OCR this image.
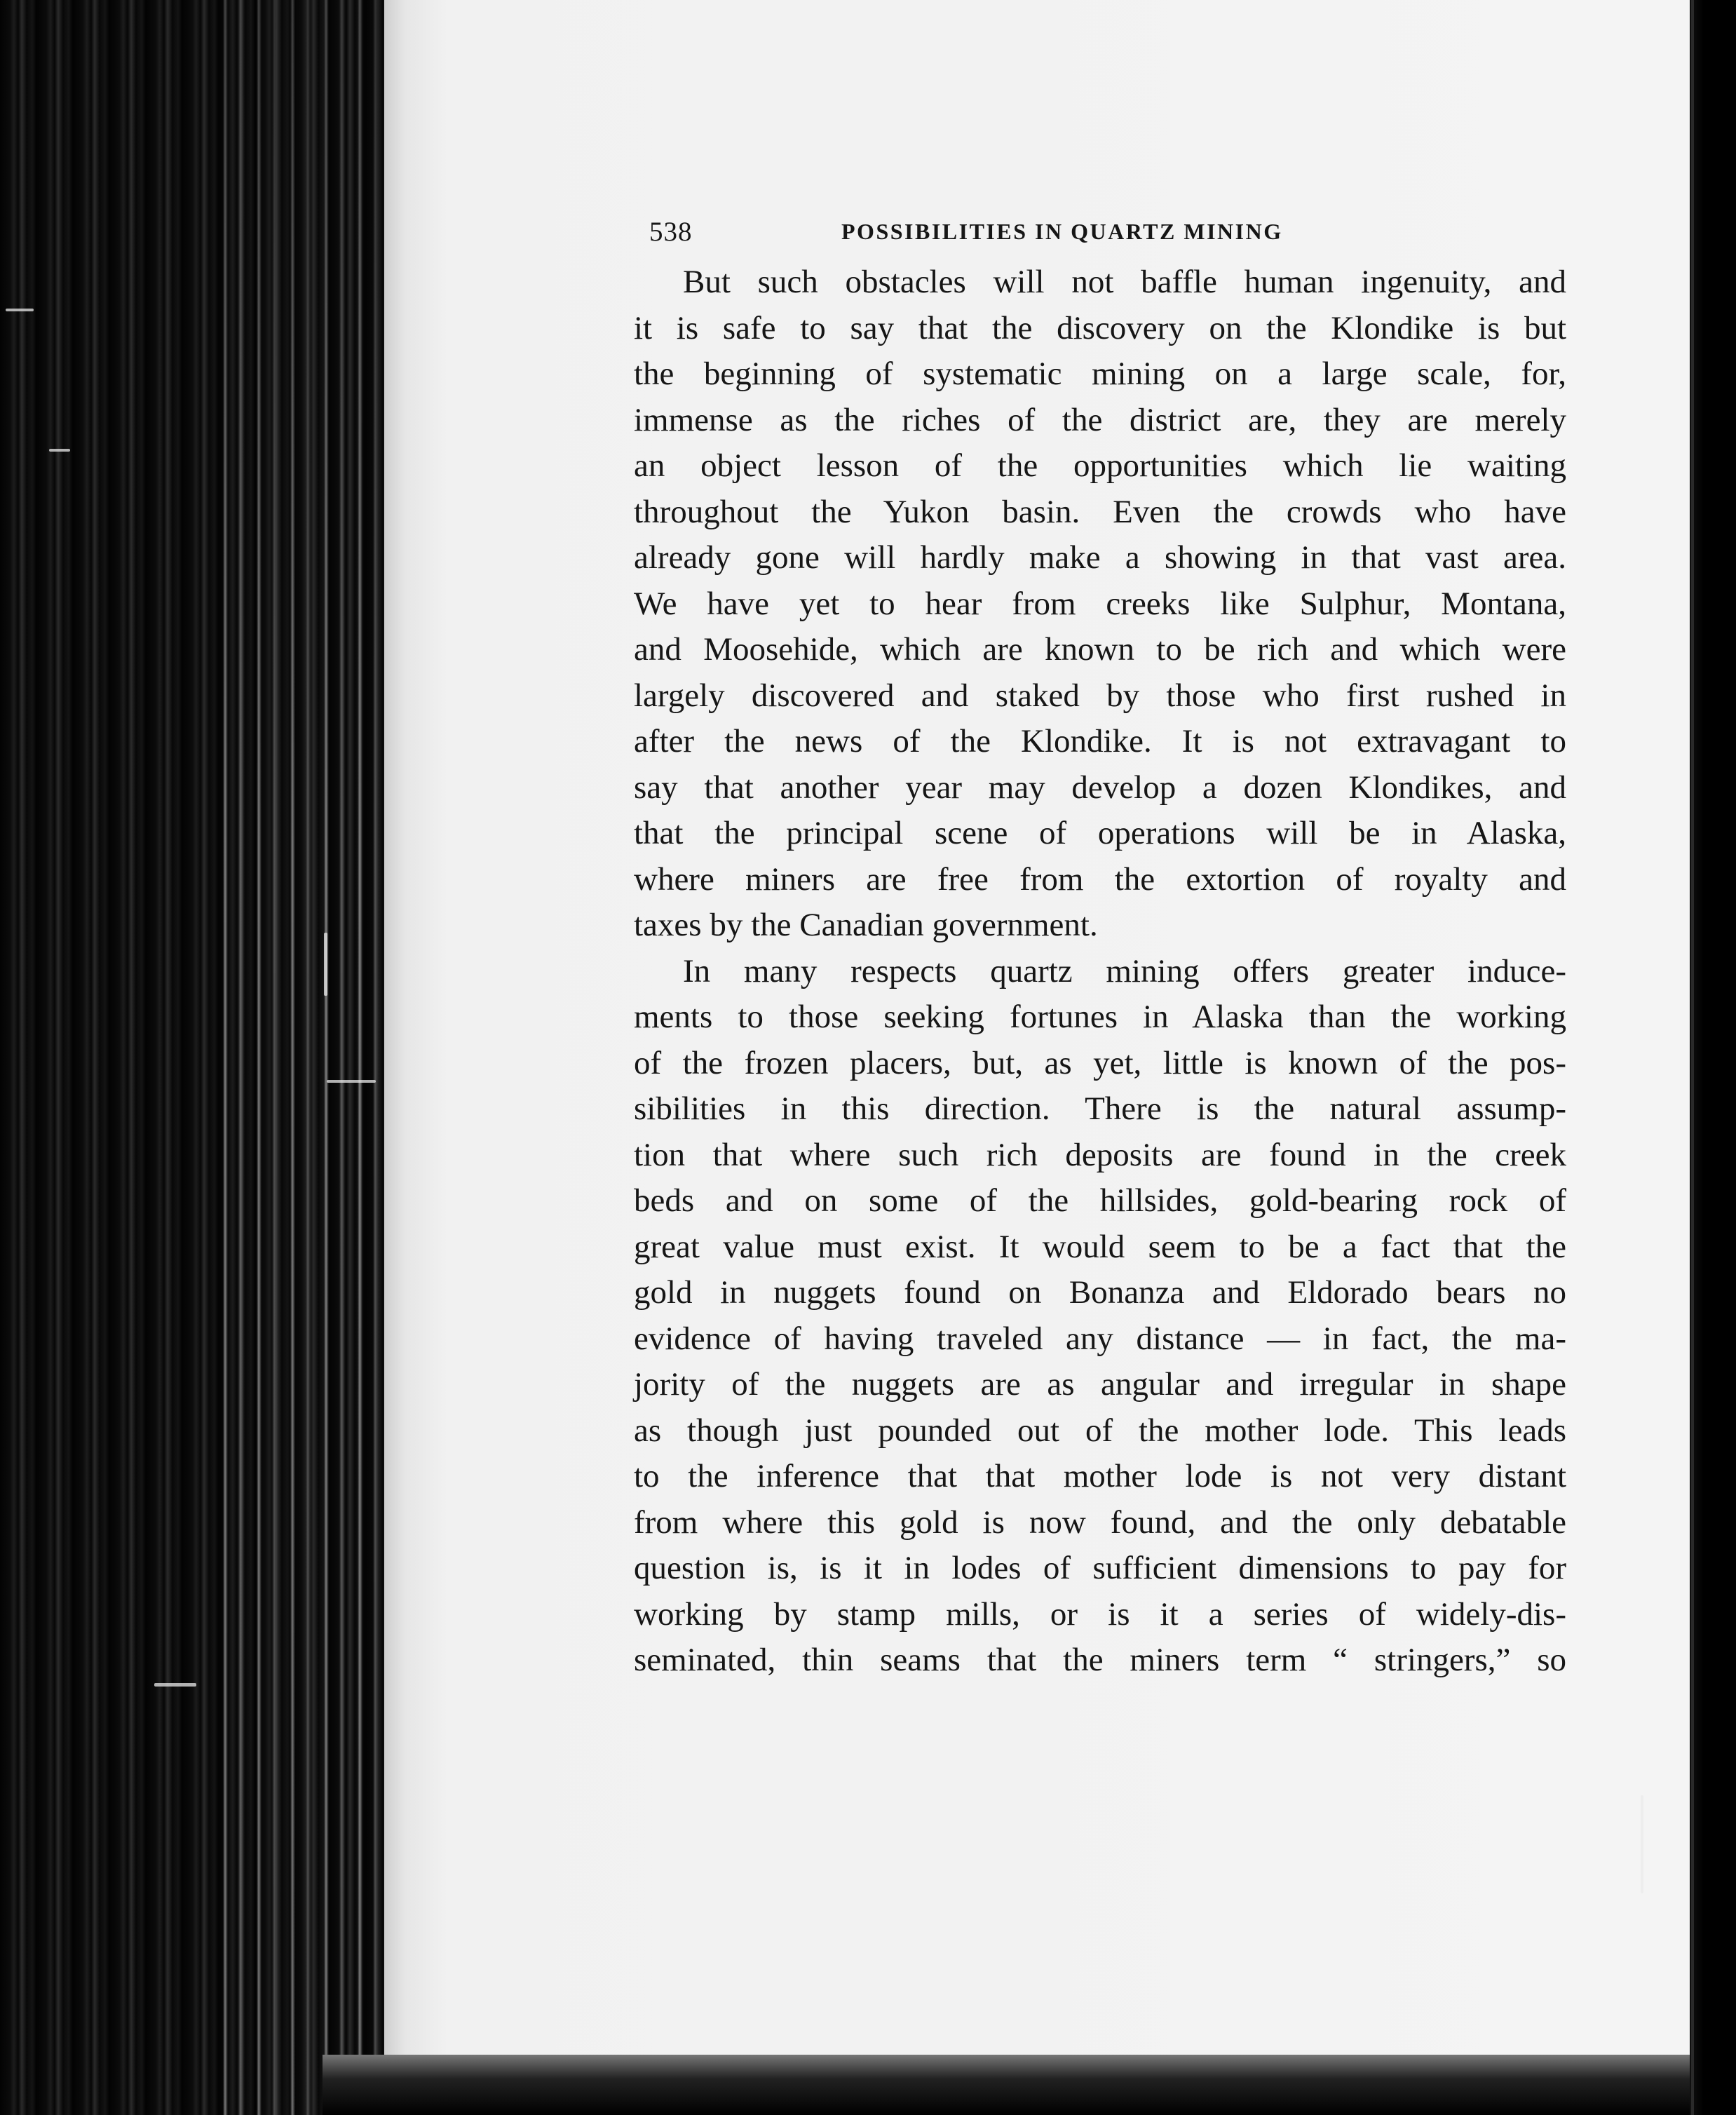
538	POSSIBILITIES IN QUARTZ MINING
But such obstacles will not baffle human ingenuity, and
it is safe to say that the discovery on the Klondike is but
the beginning of systematic mining on a large scale, for,
immense as the riches of the district are, they are merely
an object lesson of the opportunities which lie waiting
throughout the Yukon basin. Even the crowds who have
already gone will hardly make a showing in that vast area.
We have yet to hear from creeks like Sulphur, Montana,
and Moosehide, which are known to be rich and which were
largely discovered and staked by those who first rushed in
after the news of the Klondike. It is not extravagant to
say that another year may develop a dozen Klondikes, and
that the principal scene of operations will be in Alaska,
where miners are free from the extortion of royalty and
taxes by the Canadian government.
In many respects quartz mining offers greater induce-
ments to those seeking fortunes in Alaska than the working
of the frozen placers, but, as yet, little is known of the pos-
sibilities in this direction. There is the natural assump-
tion that where such rich deposits are found in the creek
beds and on some of the hillsides, gold-bearing rock of
great value must exist. It would seem to be a fact that the
gold in nuggets found on Bonanza and Eldorado bears no
evidence of having traveled any distance — in fact, the ma-
jority of the nuggets are as angular and irregular in shape
as though just pounded out of the mother lode. This leads
to the inference that that mother lode is not very distant
from where this gold is now found, and the only debatable
question is, is it in lodes of sufficient dimensions to pay for
working by stamp mills, or is it a series of widely-dis-
seminated, thin seams that the miners term “ stringers,” so
